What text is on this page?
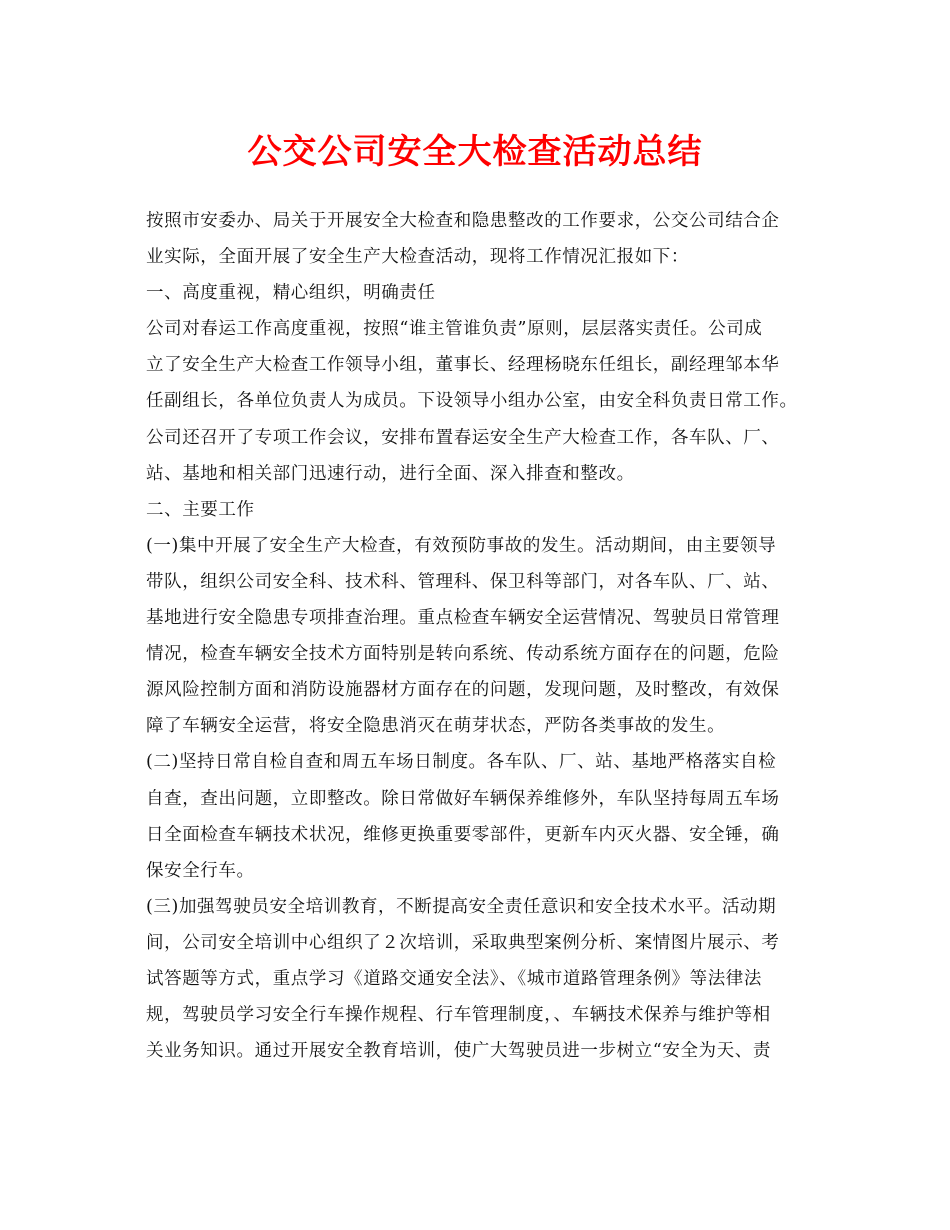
公交公司安全大检查活动总结
按照市安委办、局关于开展安全大检查和隐患整改的工作要求，公交公司结合企
业实际，全面开展了安全生产大检查活动，现将工作情况汇报如下：
一、高度重视，精心组织，明确责任
公司对春运工作高度重视，按照“谁主管谁负责”原则，层层落实责任。公司成
立了安全生产大检查工作领导小组，董事长、经理杨晓东任组长，副经理邹本华
任副组长，各单位负责人为成员。下设领导小组办公室，由安全科负责日常工作。
公司还召开了专项工作会议，安排布置春运安全生产大检查工作，各车队、厂、
站、基地和相关部门迅速行动，进行全面、深入排查和整改。
二、主要工作
(一)集中开展了安全生产大检查，有效预防事故的发生。活动期间，由主要领导
带队，组织公司安全科、技术科、管理科、保卫科等部门，对各车队、厂、站、
基地进行安全隐患专项排查治理。重点检查车辆安全运营情况、驾驶员日常管理
情况，检查车辆安全技术方面特别是转向系统、传动系统方面存在的问题，危险
源风险控制方面和消防设施器材方面存在的问题，发现问题，及时整改，有效保
障了车辆安全运营，将安全隐患消灭在萌芽状态，严防各类事故的发生。
(二)坚持日常自检自查和周五车场日制度。各车队、厂、站、基地严格落实自检
自查，查出问题，立即整改。除日常做好车辆保养维修外，车队坚持每周五车场
日全面检查车辆技术状况，维修更换重要零部件，更新车内灭火器、安全锤，确
保安全行车。
(三)加强驾驶员安全培训教育，不断提高安全责任意识和安全技术水平。活动期
间，公司安全培训中心组织了２次培训，采取典型案例分析、案情图片展示、考
试答题等方式，重点学习《道路交通安全法》、《城市道路管理条例》等法律法
规，驾驶员学习安全行车操作规程、行车管理制度，、车辆技术保养与维护等相
关业务知识。通过开展安全教育培训，使广大驾驶员进一步树立“安全为天、责
